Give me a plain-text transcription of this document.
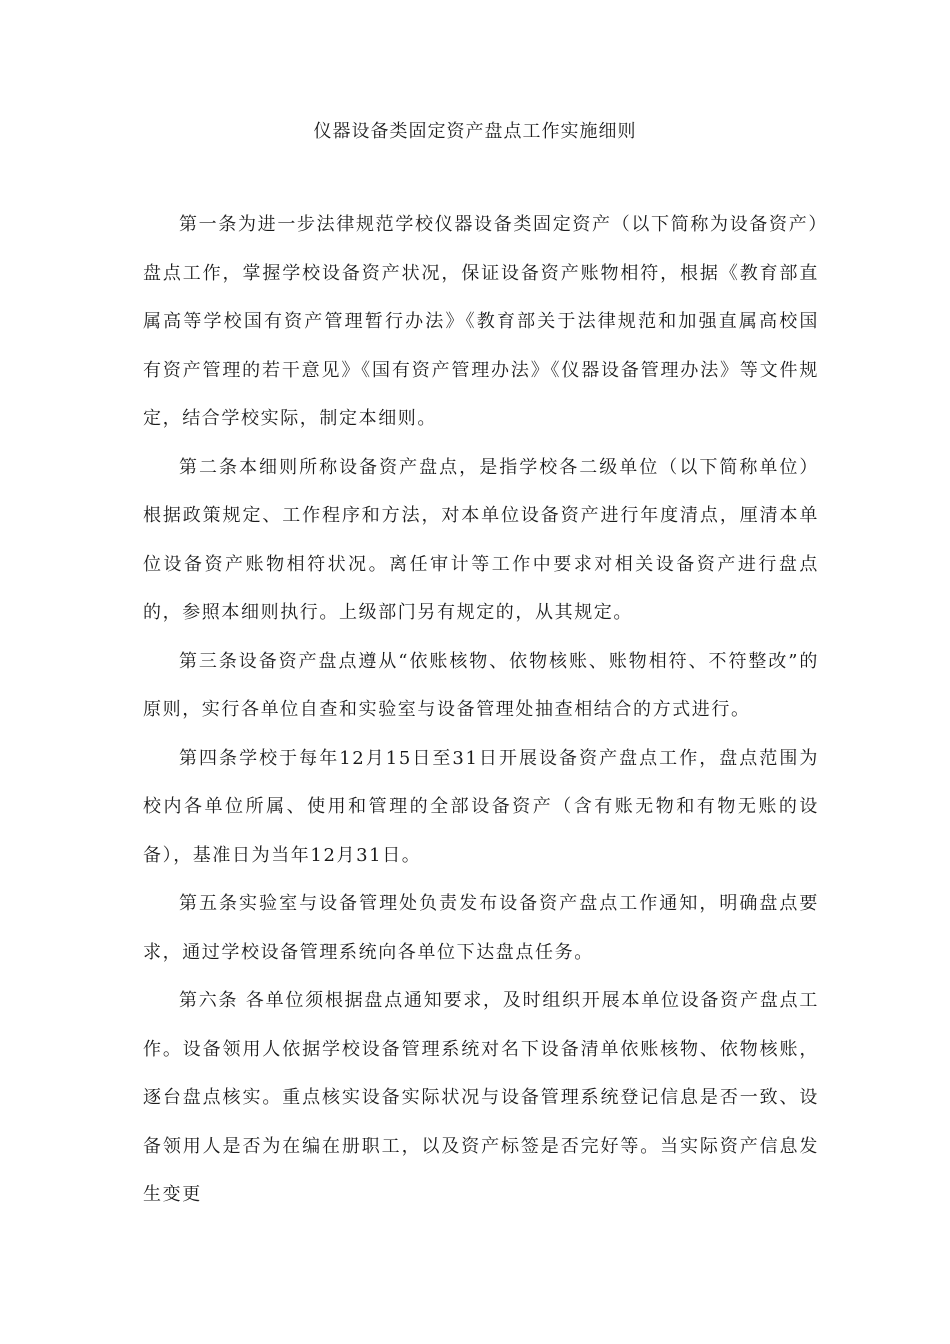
仪器设备类固定资产盘点工作实施细则

第一条为进一步法律规范学校仪器设备类固定资产（以下简称为设备资产）盘点工作，掌握学校设备资产状况，保证设备资产账物相符，根据《教育部直属高等学校国有资产管理暂行办法》《教育部关于法律规范和加强直属高校国有资产管理的若干意见》《国有资产管理办法》《仪器设备管理办法》等文件规定，结合学校实际，制定本细则。

第二条本细则所称设备资产盘点，是指学校各二级单位（以下简称单位）根据政策规定、工作程序和方法，对本单位设备资产进行年度清点，厘清本单位设备资产账物相符状况。离任审计等工作中要求对相关设备资产进行盘点的，参照本细则执行。上级部门另有规定的，从其规定。

第三条设备资产盘点遵从“依账核物、依物核账、账物相符、不符整改”的原则，实行各单位自查和实验室与设备管理处抽查相结合的方式进行。

第四条学校于每年12月15日至31日开展设备资产盘点工作，盘点范围为校内各单位所属、使用和管理的全部设备资产（含有账无物和有物无账的设备），基准日为当年12月31日。

第五条实验室与设备管理处负责发布设备资产盘点工作通知，明确盘点要求，通过学校设备管理系统向各单位下达盘点任务。

第六条 各单位须根据盘点通知要求，及时组织开展本单位设备资产盘点工作。设备领用人依据学校设备管理系统对名下设备清单依账核物、依物核账，逐台盘点核实。重点核实设备实际状况与设备管理系统登记信息是否一致、设备领用人是否为在编在册职工，以及资产标签是否完好等。当实际资产信息发生变更
